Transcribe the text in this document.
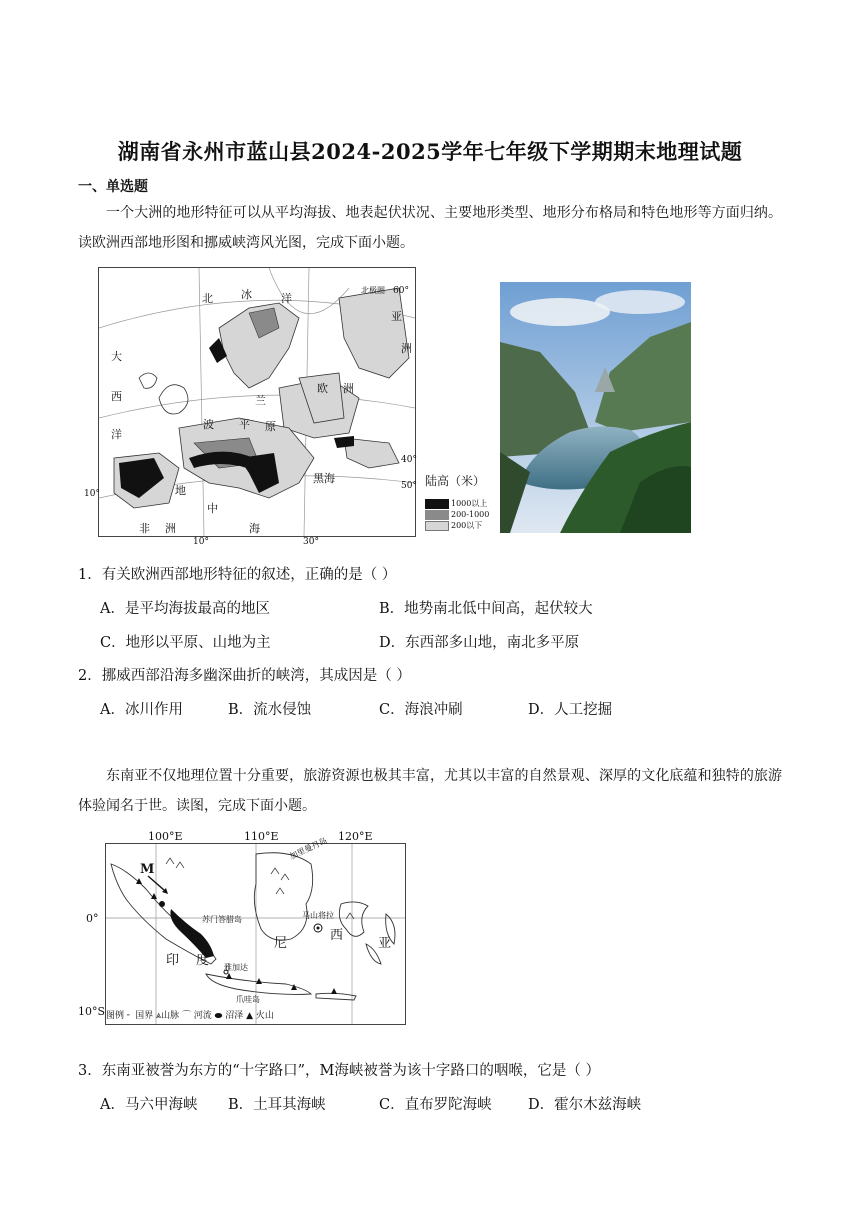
湖南省永州市蓝山县2024-2025学年七年级下学期期末地理试题
一、单选题
一个大洲的地形特征可以从平均海拔、地表起伏状况、主要地形类型、地形分布格局和特色地形等方面归纳。读欧洲西部地形图和挪威峡湾风光图，完成下面小题。
北	冰	洋
北极圈
亚
洲
大
西
洋
欧 洲
波
兰
平 原
地
中
海
黑海
非 洲
60°
40°
50°
10°
10°	30°
陆高（米）
1000以上
200-1000
200以下
1．有关欧洲西部地形特征的叙述，正确的是（ ）
A．是平均海拔最高的地区	B．地势南北低中间高，起伏较大
C．地形以平原、山地为主	D．东西部多山地，南北多平原
2．挪威西部沿海多幽深曲折的峡湾，其成因是（ ）
A．冰川作用	B．流水侵蚀	C．海浪冲刷	D．人工挖掘
东南亚不仅地理位置十分重要，旅游资源也极其丰富，尤其以丰富的自然景观、深厚的文化底蕴和独特的旅游体验闻名于世。读图，完成下面小题。
100°E	110°E	120°E
0°
10°S
M
加里曼丹岛
马山将拉
苏门答腊岛
印 度
尼
西
亚
雅加达
爪哇岛
图例 ╴ 国界 ⩓山脉 ⌒ 河流 ⬬ 沼泽 ▲ 火山
3．东南亚被誉为东方的“十字路口”，M海峡被誉为该十字路口的咽喉，它是（ ）
A．马六甲海峡 B．土耳其海峡	C．直布罗陀海峡	D．霍尔木兹海峡
